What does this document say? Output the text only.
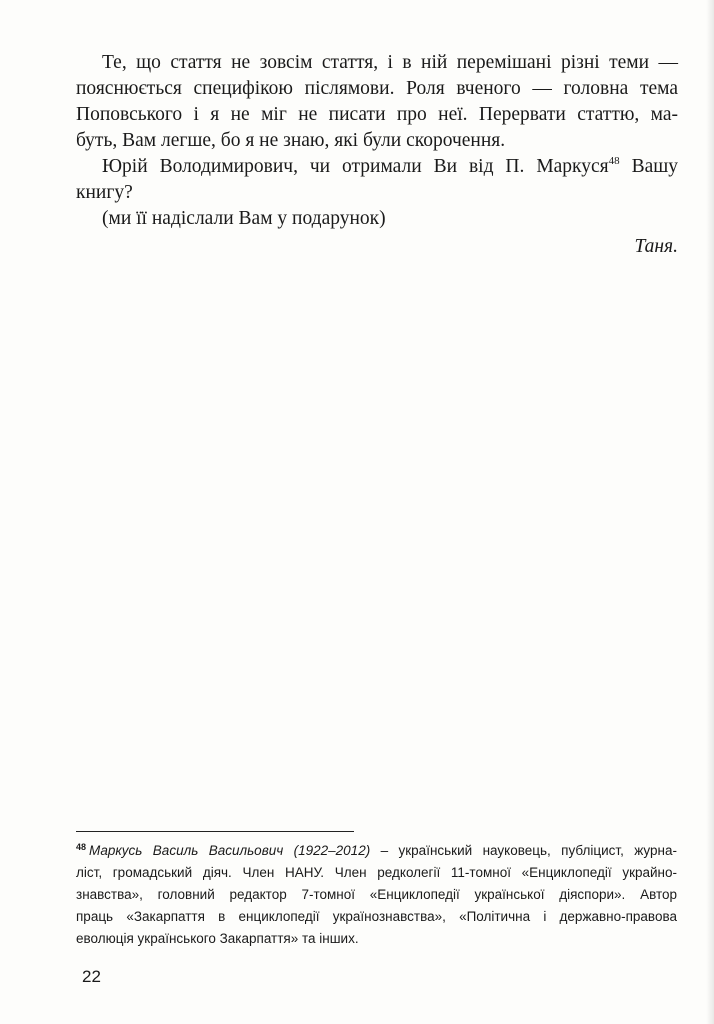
Те, що стаття не зовсім стаття, і в ній перемішані різні теми —
пояснюється специфікою післямови. Роля вченого — головна тема
Поповського і я не міг не писати про неї. Перервати статтю, ма-
буть, Вам легше, бо я не знаю, які були скорочення.
Юрій Володимирович, чи отримали Ви від П. Маркуся$^{48}$ Вашу
книгу?
(ми її надіслали Вам у подарунок)
Таня.
$^{48}$ Маркусь Василь Васильович (1922–2012) – український науковець, публіцист, журна-
ліст, громадський діяч. Член НАНУ. Член редколегії 11-томної «Енциклопедії украйно-
знавства», головний редактор 7-томної «Енциклопедії української діяспори». Автор
праць «Закарпаття в енциклопедії українознавства», «Політична і державно-правова
еволюція українського Закарпаття» та інших.
22
